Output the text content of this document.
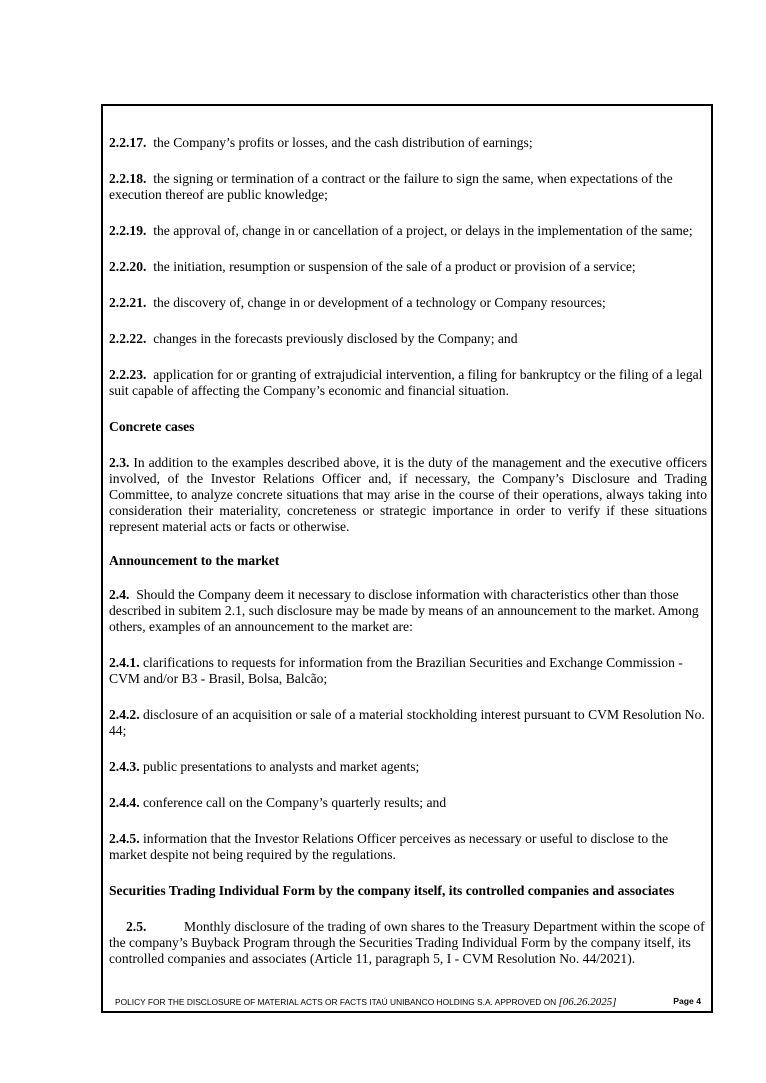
2.2.17. the Company’s profits or losses, and the cash distribution of earnings;

2.2.18. the signing or termination of a contract or the failure to sign the same, when expectations of the execution thereof are public knowledge;

2.2.19. the approval of, change in or cancellation of a project, or delays in the implementation of the same;

2.2.20. the initiation, resumption or suspension of the sale of a product or provision of a service;

2.2.21. the discovery of, change in or development of a technology or Company resources;

2.2.22. changes in the forecasts previously disclosed by the Company; and

2.2.23. application for or granting of extrajudicial intervention, a filing for bankruptcy or the filing of a legal suit capable of affecting the Company’s economic and financial situation.

Concrete cases

2.3. In addition to the examples described above, it is the duty of the management and the executive officers involved, of the Investor Relations Officer and, if necessary, the Company’s Disclosure and Trading Committee, to analyze concrete situations that may arise in the course of their operations, always taking into consideration their materiality, concreteness or strategic importance in order to verify if these situations represent material acts or facts or otherwise.

Announcement to the market

2.4. Should the Company deem it necessary to disclose information with characteristics other than those described in subitem 2.1, such disclosure may be made by means of an announcement to the market. Among others, examples of an announcement to the market are:

2.4.1. clarifications to requests for information from the Brazilian Securities and Exchange Commission - CVM and/or B3 - Brasil, Bolsa, Balcão;

2.4.2. disclosure of an acquisition or sale of a material stockholding interest pursuant to CVM Resolution No. 44;

2.4.3. public presentations to analysts and market agents;

2.4.4. conference call on the Company’s quarterly results; and

2.4.5. information that the Investor Relations Officer perceives as necessary or useful to disclose to the market despite not being required by the regulations.

Securities Trading Individual Form by the company itself, its controlled companies and associates

2.5.	Monthly disclosure of the trading of own shares to the Treasury Department within the scope of the company’s Buyback Program through the Securities Trading Individual Form by the company itself, its controlled companies and associates (Article 11, paragraph 5, I - CVM Resolution No. 44/2021).

POLICY FOR THE DISCLOSURE OF MATERIAL ACTS OR FACTS ITAÚ UNIBANCO HOLDING S.A. APPROVED ON [06.26.2025]	Page 4
